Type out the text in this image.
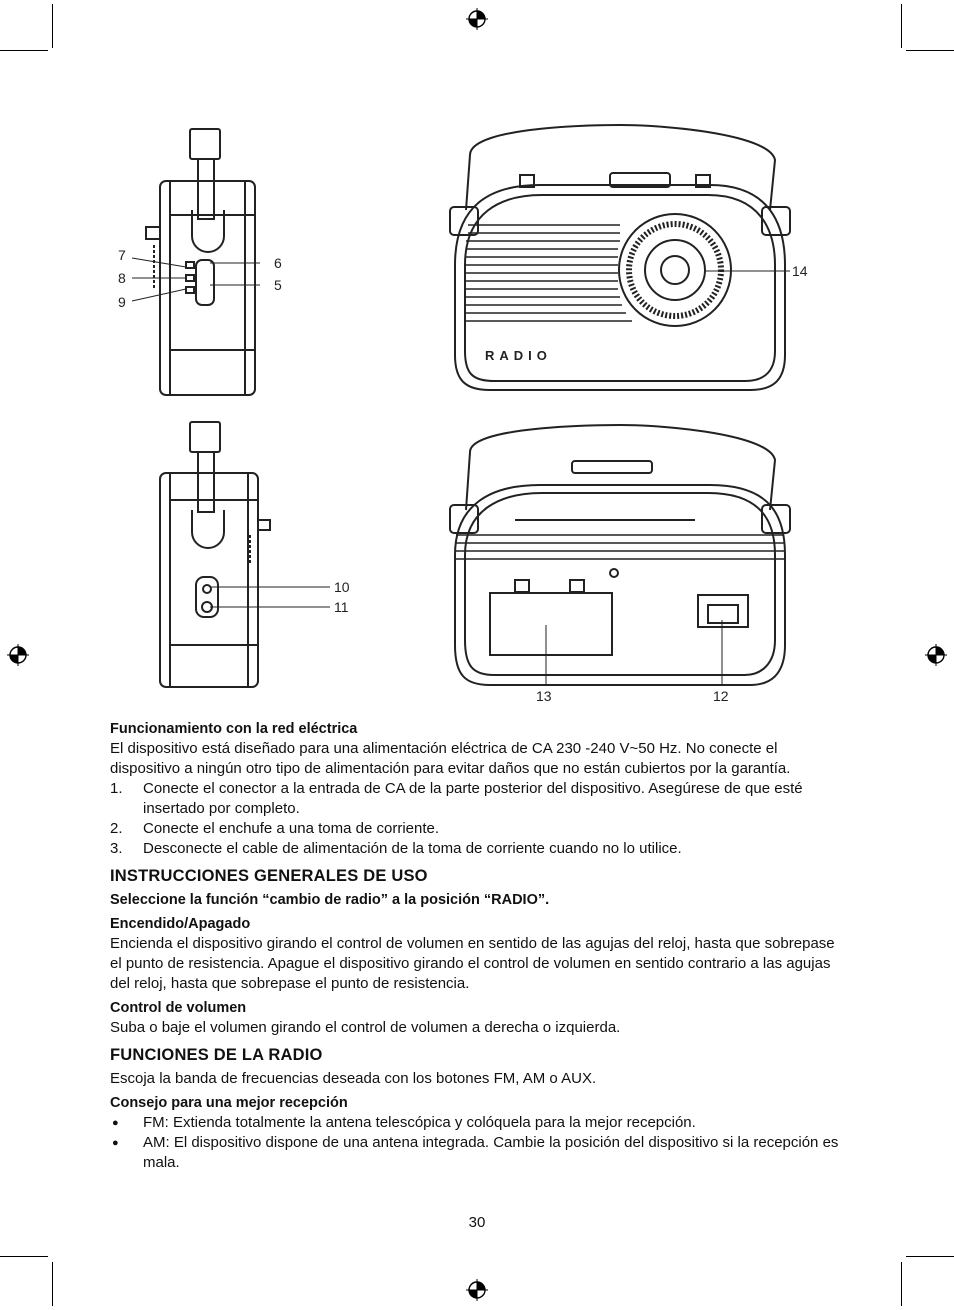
7
8
9
6
5
14
10
11
13	12
RADIO
Funcionamiento con la red eléctrica

El dispositivo está diseñado para una alimentación eléctrica de CA 230 -240 V~50 Hz. No conecte el dispositivo a ningún otro tipo de alimentación para evitar daños que no están cubiertos por la garantía.

1. Conecte el conector a la entrada de CA de la parte posterior del dispositivo. Asegúrese de que esté insertado por completo.
2. Conecte el enchufe a una toma de corriente.
3. Desconecte el cable de alimentación de la toma de corriente cuando no lo utilice.
INSTRUCCIONES GENERALES DE USO
Seleccione la función “cambio de radio” a la posición “RADIO”.
Encendido/Apagado

Encienda el dispositivo girando el control de volumen en sentido de las agujas del reloj, hasta que sobrepase el punto de resistencia. Apague el dispositivo girando el control de volumen en sentido contrario a las agujas del reloj, hasta que sobrepase el punto de resistencia.

Control de volumen

Suba o baje el volumen girando el control de volumen a derecha o izquierda.

FUNCIONES DE LA RADIO

Escoja la banda de frecuencias deseada con los botones FM, AM o AUX.

Consejo para una mejor recepción
● FM: Extienda totalmente la antena telescópica y colóquela para la mejor recepción.
● AM: El dispositivo dispone de una antena integrada. Cambie la posición del dispositivo si la recepción es mala.
30
